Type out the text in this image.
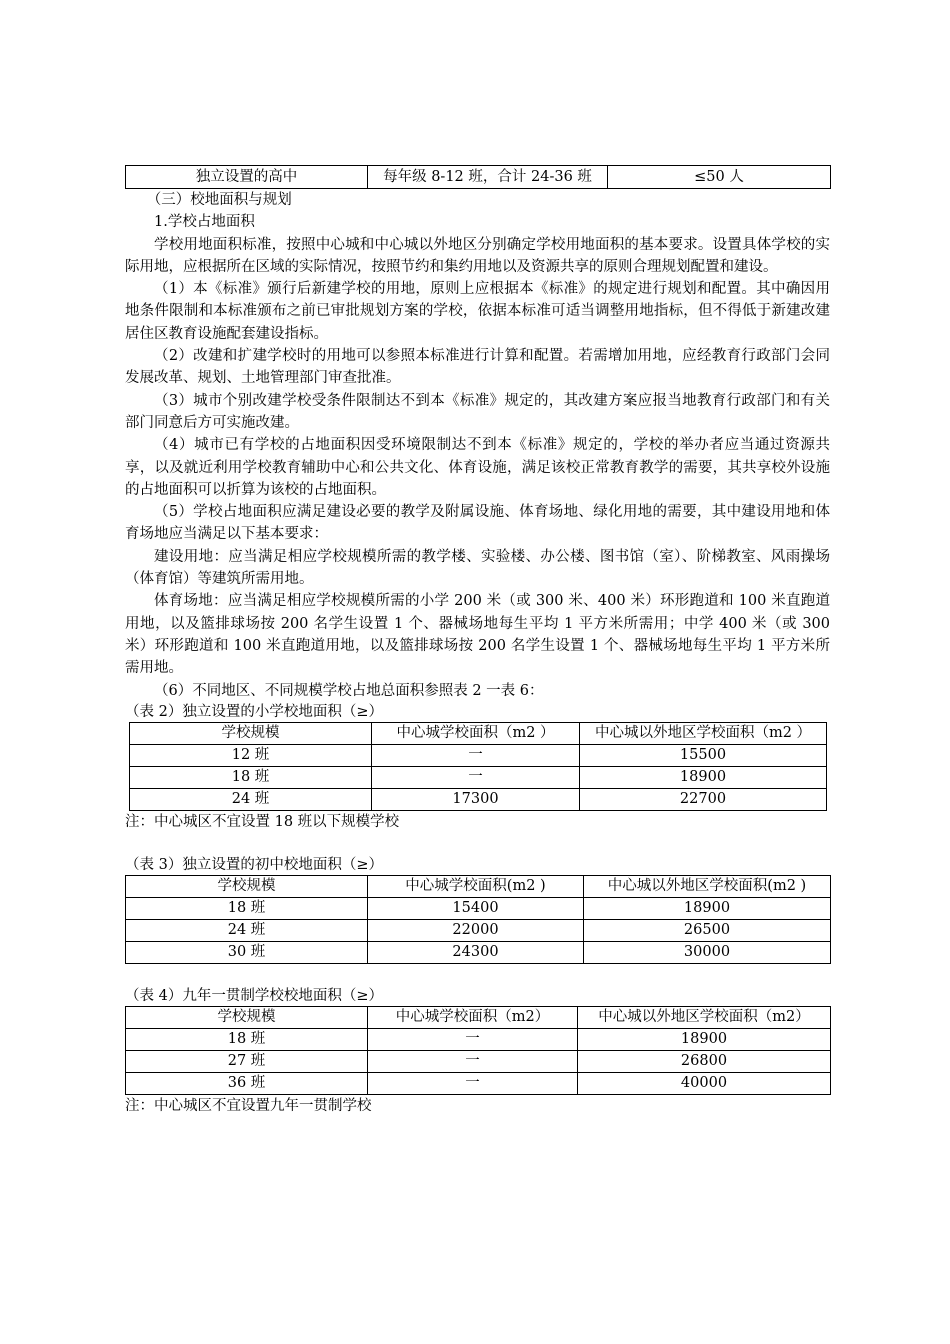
独立设置的高中	每年级 8-12 班，合计 24-36 班	≤50 人

（三）校地面积与规划

1.学校占地面积

学校用地面积标准，按照中心城和中心城以外地区分别确定学校用地面积的基本要求。设置具体学校的实际用地，应根据所在区域的实际情况，按照节约和集约用地以及资源共享的原则合理规划配置和建设。

（1）本《标准》颁行后新建学校的用地，原则上应根据本《标准》的规定进行规划和配置。其中确因用地条件限制和本标准颁布之前已审批规划方案的学校，依据本标准可适当调整用地指标，但不得低于新建改建居住区教育设施配套建设指标。

（2）改建和扩建学校时的用地可以参照本标准进行计算和配置。若需增加用地，应经教育行政部门会同发展改革、规划、土地管理部门审查批准。

（3）城市个别改建学校受条件限制达不到本《标准》规定的，其改建方案应报当地教育行政部门和有关部门同意后方可实施改建。

（4）城市已有学校的占地面积因受环境限制达不到本《标准》规定的，学校的举办者应当通过资源共享，以及就近利用学校教育辅助中心和公共文化、体育设施，满足该校正常教育教学的需要，其共享校外设施的占地面积可以折算为该校的占地面积。

（5）学校占地面积应满足建设必要的教学及附属设施、体育场地、绿化用地的需要，其中建设用地和体育场地应当满足以下基本要求：

建设用地：应当满足相应学校规模所需的教学楼、实验楼、办公楼、图书馆（室）、阶梯教室、风雨操场（体育馆）等建筑所需用地。

体育场地：应当满足相应学校规模所需的小学 200 米（或 300 米、400 米）环形跑道和 100 米直跑道用地，以及篮排球场按 200 名学生设置 1 个、器械场地每生平均 1 平方米所需用；中学 400 米（或 300 米）环形跑道和 100 米直跑道用地，以及篮排球场按 200 名学生设置 1 个、器械场地每生平均 1 平方米所需用地。

（6）不同地区、不同规模学校占地总面积参照表 2 一表 6：

（表 2）独立设置的小学校地面积（≥）

学校规模	中心城学校面积（m2 ）	中心城以外地区学校面积（m2 ）
12 班	一	15500
18 班	一	18900
24 班	17300	22700

注：中心城区不宜设置 18 班以下规模学校

（表 3）独立设置的初中校地面积（≥）

学校规模	中心城学校面积(m2 )	中心城以外地区学校面积(m2 )
18 班	15400	18900
24 班	22000	26500
30 班	24300	30000

（表 4）九年一贯制学校校地面积（≥）

学校规模	中心城学校面积（m2）	中心城以外地区学校面积（m2）
18 班	一	18900
27 班	一	26800
36 班	一	40000

注：中心城区不宜设置九年一贯制学校
